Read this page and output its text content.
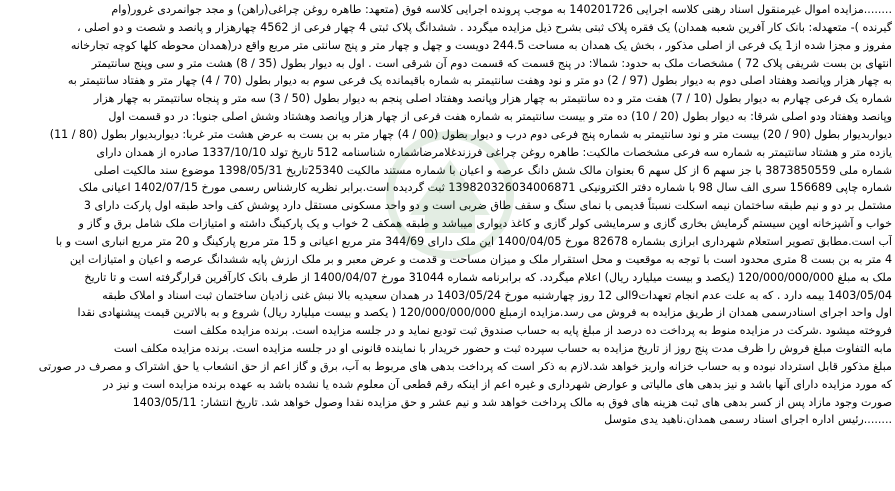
........مزایده اموال غیرمنقول اسناد رهنی کلاسه اجرایی 140201726 به موجب پرونده اجرایی کلاسه فوق (متعهد: طاهره روغن چراغی(راهن) و مجد جوانمردی غرور(وام
گیرنده )- متعهدله: بانک کار آفرین شعبه همدان) یک فقره پلاک ثبتی بشرح ذیل مزایده میگردد . ششدانگ پلاک ثبتی 4 چهار فرعی از 4562 چهارهزار و پانصد و شصت و دو اصلی ،
مفروز و مجزا شده از1 یک فرعی از اصلی مذکور ، بخش یک همدان به مساحت 244.5 دویست و چهل و چهار متر و پنج سانتی متر مربع واقع در(همدان محوطه کلها کوچه تجارخانه
انتهای بن بست شریفی پلاک 72 ) مشخصات ملک به حدود: شمالا: در پنج قسمت که قسمت دوم آن شرقی است . اول به دیوار بطول (35 / 8) هشت متر و سی وپنج سانتیمتر
به چهار هزار وپانصد وهفتاد اصلی دوم به دیوار بطول (97 / 2) دو متر و نود وهفت سانتیمتر به شماره باقیمانده یک فرعی سوم به دیوار بطول (70 / 4) چهار متر و هفتاد سانتیمتر به
شماره یک فرعی چهارم به دیوار بطول (10 / 7) هفت متر و ده سانتیمتر به چهار هزار وپانصد وهفتاد اصلی پنجم به دیوار بطول (50 / 3) سه متر و پنجاه سانتیمتر به چهار هزار
وپانصد وهفتاد ودو اصلی شرقا: به دیوار بطول (20 / 10) ده متر و بیست سانتیمتر به شماره هفت فرعی از چهار هزار وپانصد وهشتاد وشش اصلی جنوبا: در دو قسمت اول
دیواربدیوار بطول (90 / 20) بیست متر و نود سانتیمتر به شماره پنج فرعی دوم درب و دیوار بطول (00 / 4) چهار متر به بن بست به عرض هشت متر غربا: دیواربدیوار بطول (80 / 11)
یازده متر و هشتاد سانتیمتر به شماره سه فرعی مشخصات مالکیت: طاهره روغن چراغی فرزندغلامرضاشماره شناسنامه 512 تاریخ تولد 1337/10/10 صادره از همدان دارای
شماره ملی 3873850559 با جز سهم 6 از کل سهم 6 بعنوان مالک شش دانگ عرصه و اعیان با شماره مستند مالکیت 25340تاریخ 1398/05/31 موضوع سند مالکیت اصلی
شماره چاپی 156689 سری الف سال 98 با شماره دفتر الکترونیکی 139820326034006871 ثبت گردیده است.برابر نظریه کارشناس رسمی مورخ 1402/07/15 اعیانی ملک
مشتمل بر دو و نیم طبقه ساختمان نیمه اسکلت نسبتاً قدیمی با نمای سنگ و سقف طاق ضربی است و دو واحد مسکونی مستقل دارد پوشش کف واحد طبقه اول پارکت دارای 3
خواب و آشپزخانه اوپن سیستم گرمایش بخاری گازی و سرمایشی کولر گازی و کاغذ دیواری میباشد و طبقه همکف 2 خواب و یک پارکینگ داشته و امتیازات ملک شامل برق و گاز و
آب است.مطابق تصویر استعلام شهرداری ابرازی بشماره 82678 مورخ 1400/04/05 این ملک دارای 344/69 متر مربع اعیانی و 15 متر مربع پارکینگ و 20 متر مربع انباری است و با
4 متر به بن بست 8 متری محدود است با توجه به موقعیت و محل استقرار ملک و میزان مساحت و قدمت و عرض معبر و بر ملک ارزش پایه ششدانگ عرصه و اعیان و امتیازات این
ملک به مبلغ 120/000/000/000 (یکصد و بیست میلیارد ریال) اعلام میگردد. که برابرنامه شماره 31044 مورخ 1400/04/07 از طرف بانک کارآفرین قرارگرفته است و تا تاریخ
1403/05/04 بیمه دارد . که به علت عدم انجام تعهدات9الی 12 روز چهارشنبه مورخ 1403/05/24 در همدان سعیدیه بالا نبش غنی زادیان ساختمان ثبت اسناد و املاک طبقه
اول واحد اجرای اسنادرسمی همدان از طریق مزایده به فروش می رسد.مزایده ازمبلغ 120/000/000/000 ( یکصد و بیست میلیارد ریال) شروع و به بالاترین قیمت پیشنهادی نقدا
فروخته میشود .شرکت در مزایده منوط به پرداخت ده درصد از مبلغ پایه به حساب صندوق ثبت تودیع نماید و در جلسه مزایده است. برنده مزایده مکلف است
مابه التفاوت مبلغ فروش را ظرف مدت پنج روز از تاریخ مزایده به حساب سپرده ثبت و حضور خریدار با نماینده قانونی او در جلسه مزایده است. برنده مزایده مکلف است
مبلغ مذکور قابل استرداد نبوده و به حساب خزانه واریز خواهد شد.لازم به ذکر است که پرداخت بدهی های مربوط به آب، برق و گاز اعم از حق انشعاب یا حق اشتراک و مصرف در صورتی
که مورد مزایده دارای آنها باشد و نیز بدهی های مالیاتی و عوارض شهرداری و غیره اعم از اینکه رقم قطعی آن معلوم شده یا نشده باشد به عهده برنده مزایده است و نیز در
صورت وجود مازاد پس از کسر بدهی های ثبت هزینه های فوق به مالک پرداخت خواهد شد و نیم عشر و حق مزایده نقدا وصول خواهد شد. تاریخ انتشار: 1403/05/11
........رئیس اداره اجرای اسناد رسمی همدان.ناهید یدی متوسل
